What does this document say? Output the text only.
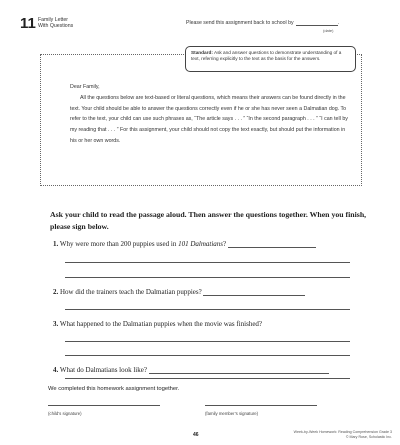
11 Family Letter
With Questions
Please send this assignment back to school by	.
(date)
Standard: Ask and answer questions to demonstrate understanding of a text, referring explicitly to the text as the basis for the answers.
Dear Family,
All the questions below are text-based or literal questions, which means their answers can be found directly in the text. Your child should be able to answer the questions correctly even if he or she has never seen a Dalmatian dog. To refer to the text, your child can use such phrases as, “The article says . . . ” “In the second paragraph . . . ” “I can tell by my reading that . . . ” For this assignment, your child should not copy the text exactly, but should put the information in his or her own words.
Ask your child to read the passage aloud. Then answer the questions together. When you finish, please sign below.
1. Why were more than 200 puppies used in 101 Dalmatians?
2. How did the trainers teach the Dalmatian puppies?
3. What happened to the Dalmatian puppies when the movie was finished?
4. What do Dalmatians look like?
We completed this homework assignment together.
(child’s signature)	(family member’s signature)
46	Week-by-Week Homework: Reading Comprehension Grade 3
© Mary Rose, Scholastic Inc.
